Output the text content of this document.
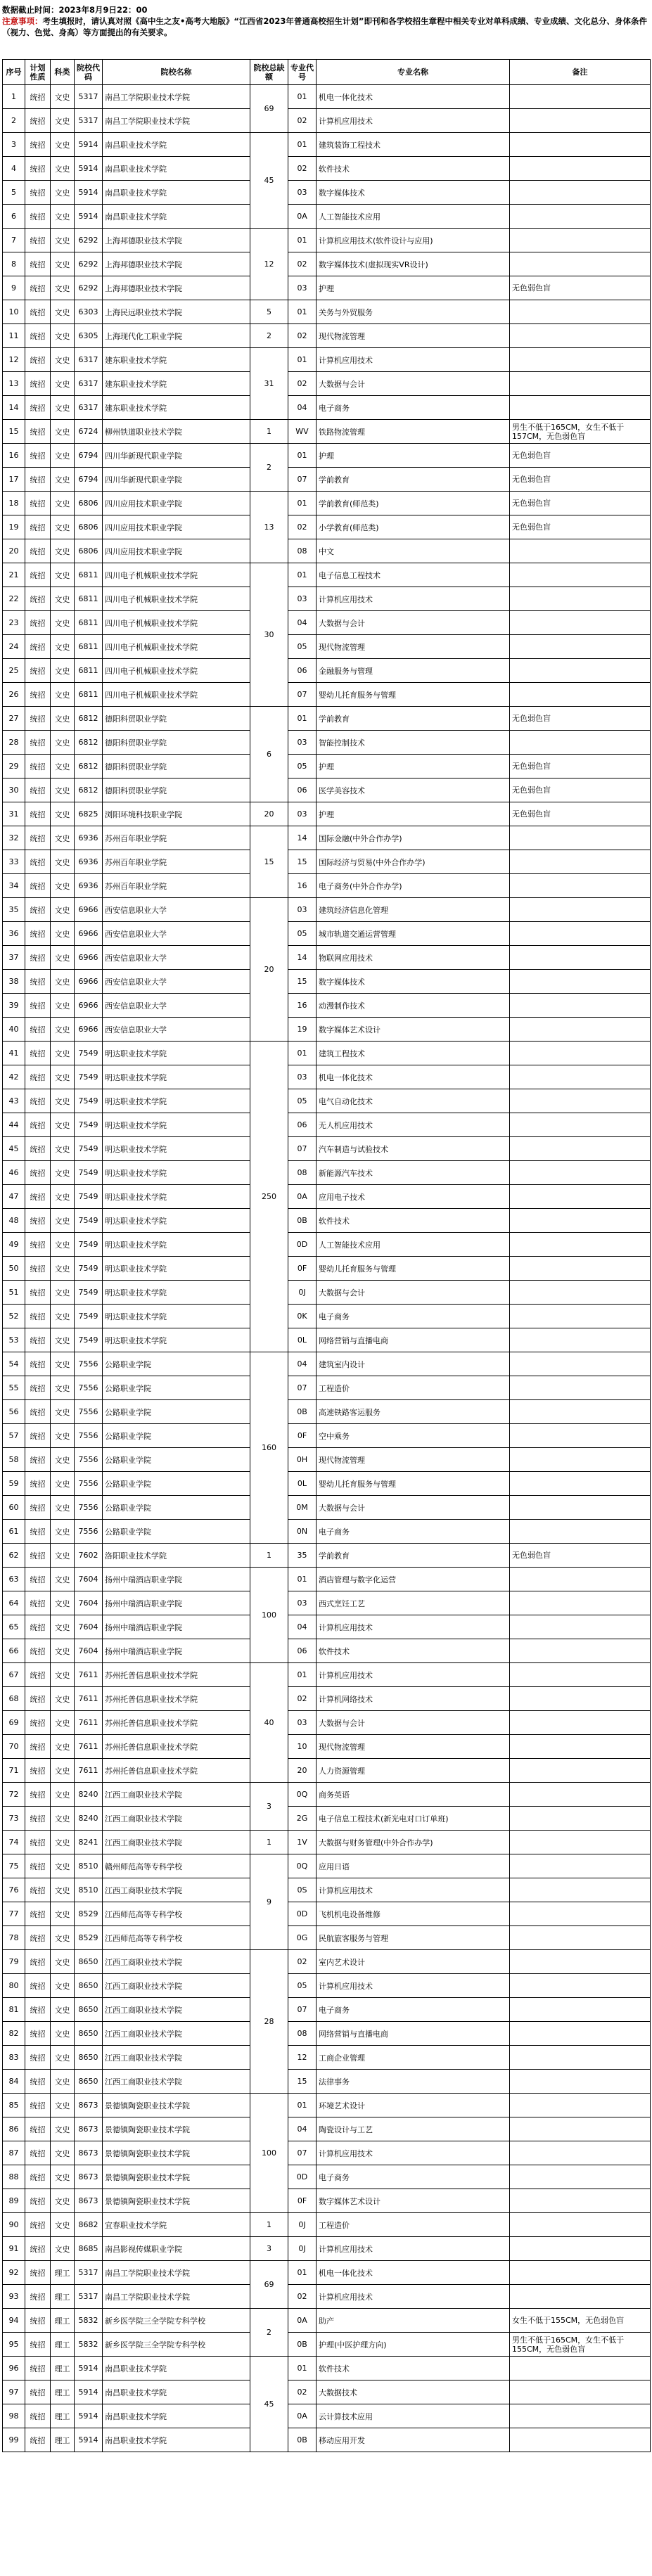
数据截止时间：2023年8月9日22：00
注意事项：考生填报时，请认真对照《高中生之友•高考大地版》“江西省2023年普通高校招生计划”即刊和各学校招生章程中相关专业对单科成绩、专业成绩、文化总分、身体条件（视力、色觉、身高）等方面提出的有关要求。
序号	计划性质	科类	院校代码	院校名称	院校总缺额	专业代号	专业名称	备注
1	统招	文史	5317	南昌工学院职业技术学院	69	01	机电一体化技术	
2	统招	文史	5317	南昌工学院职业技术学院		02	计算机应用技术	
3	统招	文史	5914	南昌职业技术学院	45	01	建筑装饰工程技术	
4	统招	文史	5914	南昌职业技术学院		02	软件技术	
5	统招	文史	5914	南昌职业技术学院		03	数字媒体技术	
6	统招	文史	5914	南昌职业技术学院		0A	人工智能技术应用	
7	统招	文史	6292	上海邦德职业技术学院	12	01	计算机应用技术(软件设计与应用)	
8	统招	文史	6292	上海邦德职业技术学院		02	数字媒体技术(虚拟现实VR设计)	
9	统招	文史	6292	上海邦德职业技术学院		03	护理	无色弱色盲
10	统招	文史	6303	上海民远职业技术学院	5	01	关务与外贸服务	
11	统招	文史	6305	上海现代化工职业学院	2	02	现代物流管理	
12	统招	文史	6317	建东职业技术学院	31	01	计算机应用技术	
13	统招	文史	6317	建东职业技术学院		02	大数据与会计	
14	统招	文史	6317	建东职业技术学院		04	电子商务	
15	统招	文史	6724	柳州铁道职业技术学院	1	WV	铁路物流管理	男生不低于165CM，女生不低于157CM，无色弱色盲
16	统招	文史	6794	四川华新现代职业学院	2	01	护理	无色弱色盲
17	统招	文史	6794	四川华新现代职业学院		07	学前教育	无色弱色盲
18	统招	文史	6806	四川应用技术职业学院	13	01	学前教育(师范类)	无色弱色盲
19	统招	文史	6806	四川应用技术职业学院		02	小学教育(师范类)	无色弱色盲
20	统招	文史	6806	四川应用技术职业学院		08	中文	
21	统招	文史	6811	四川电子机械职业技术学院	30	01	电子信息工程技术	
22	统招	文史	6811	四川电子机械职业技术学院		03	计算机应用技术	
23	统招	文史	6811	四川电子机械职业技术学院		04	大数据与会计	
24	统招	文史	6811	四川电子机械职业技术学院		05	现代物流管理	
25	统招	文史	6811	四川电子机械职业技术学院		06	金融服务与管理	
26	统招	文史	6811	四川电子机械职业技术学院		07	婴幼儿托育服务与管理	
27	统招	文史	6812	德阳科贸职业学院	6	01	学前教育	无色弱色盲
28	统招	文史	6812	德阳科贸职业学院		03	智能控制技术	
29	统招	文史	6812	德阳科贸职业学院		05	护理	无色弱色盲
30	统招	文史	6812	德阳科贸职业学院		06	医学美容技术	无色弱色盲
31	统招	文史	6825	浏阳环境科技职业学院	20	03	护理	无色弱色盲
32	统招	文史	6936	苏州百年职业学院	15	14	国际金融(中外合作办学)	
33	统招	文史	6936	苏州百年职业学院		15	国际经济与贸易(中外合作办学)	
34	统招	文史	6936	苏州百年职业学院		16	电子商务(中外合作办学)	
35	统招	文史	6966	西安信息职业大学	20	03	建筑经济信息化管理	
36	统招	文史	6966	西安信息职业大学		05	城市轨道交通运营管理	
37	统招	文史	6966	西安信息职业大学		14	物联网应用技术	
38	统招	文史	6966	西安信息职业大学		15	数字媒体技术	
39	统招	文史	6966	西安信息职业大学		16	动漫制作技术	
40	统招	文史	6966	西安信息职业大学		19	数字媒体艺术设计	
41	统招	文史	7549	明达职业技术学院	250	01	建筑工程技术	
42	统招	文史	7549	明达职业技术学院		03	机电一体化技术	
43	统招	文史	7549	明达职业技术学院		05	电气自动化技术	
44	统招	文史	7549	明达职业技术学院		06	无人机应用技术	
45	统招	文史	7549	明达职业技术学院		07	汽车制造与试验技术	
46	统招	文史	7549	明达职业技术学院		08	新能源汽车技术	
47	统招	文史	7549	明达职业技术学院		0A	应用电子技术	
48	统招	文史	7549	明达职业技术学院		0B	软件技术	
49	统招	文史	7549	明达职业技术学院		0D	人工智能技术应用	
50	统招	文史	7549	明达职业技术学院		0F	婴幼儿托育服务与管理	
51	统招	文史	7549	明达职业技术学院		0J	大数据与会计	
52	统招	文史	7549	明达职业技术学院		0K	电子商务	
53	统招	文史	7549	明达职业技术学院		0L	网络营销与直播电商	
54	统招	文史	7556	公路职业学院	160	04	建筑室内设计	
55	统招	文史	7556	公路职业学院		07	工程造价	
56	统招	文史	7556	公路职业学院		0B	高速铁路客运服务	
57	统招	文史	7556	公路职业学院		0F	空中乘务	
58	统招	文史	7556	公路职业学院		0H	现代物流管理	
59	统招	文史	7556	公路职业学院		0L	婴幼儿托育服务与管理	
60	统招	文史	7556	公路职业学院		0M	大数据与会计	
61	统招	文史	7556	公路职业学院		0N	电子商务	
62	统招	文史	7602	洛阳职业技术学院	1	35	学前教育	无色弱色盲
63	统招	文史	7604	扬州中瑞酒店职业学院	100	01	酒店管理与数字化运营	
64	统招	文史	7604	扬州中瑞酒店职业学院		03	西式烹饪工艺	
65	统招	文史	7604	扬州中瑞酒店职业学院		04	计算机应用技术	
66	统招	文史	7604	扬州中瑞酒店职业学院		06	软件技术	
67	统招	文史	7611	苏州托普信息职业技术学院	40	01	计算机应用技术	
68	统招	文史	7611	苏州托普信息职业技术学院		02	计算机网络技术	
69	统招	文史	7611	苏州托普信息职业技术学院		03	大数据与会计	
70	统招	文史	7611	苏州托普信息职业技术学院		10	现代物流管理	
71	统招	文史	7611	苏州托普信息职业技术学院		20	人力资源管理	
72	统招	文史	8240	江西工商职业技术学院	3	0Q	商务英语	
73	统招	文史	8240	江西工商职业技术学院		2G	电子信息工程技术(新光电对口订单班)	
74	统招	文史	8241	江西工商职业技术学院	1	1V	大数据与财务管理(中外合作办学)	
75	统招	文史	8510	赣州师范高等专科学校	9	0Q	应用日语	
76	统招	文史	8510	江西工商职业技术学院		0S	计算机应用技术	
77	统招	文史	8529	江西师范高等专科学校		0D	飞机机电设备维修	
78	统招	文史	8529	江西师范高等专科学校		0G	民航旅客服务与管理	
79	统招	文史	8650	江西工商职业技术学院	28	02	室内艺术设计	
80	统招	文史	8650	江西工商职业技术学院		05	计算机应用技术	
81	统招	文史	8650	江西工商职业技术学院		07	电子商务	
82	统招	文史	8650	江西工商职业技术学院		08	网络营销与直播电商	
83	统招	文史	8650	江西工商职业技术学院		12	工商企业管理	
84	统招	文史	8650	江西工商职业技术学院		15	法律事务	
85	统招	文史	8673	景德镇陶瓷职业技术学院	100	01	环境艺术设计	
86	统招	文史	8673	景德镇陶瓷职业技术学院		04	陶瓷设计与工艺	
87	统招	文史	8673	景德镇陶瓷职业技术学院		07	计算机应用技术	
88	统招	文史	8673	景德镇陶瓷职业技术学院		0D	电子商务	
89	统招	文史	8673	景德镇陶瓷职业技术学院		0F	数字媒体艺术设计	
90	统招	文史	8682	宜春职业技术学院	1	0J	工程造价	
91	统招	文史	8685	南昌影视传媒职业学院	3	0J	计算机应用技术	
92	统招	理工	5317	南昌工学院职业技术学院	69	01	机电一体化技术	
93	统招	理工	5317	南昌工学院职业技术学院		02	计算机应用技术	
94	统招	理工	5832	新乡医学院三全学院专科学校	2	0A	助产	女生不低于155CM，无色弱色盲
95	统招	理工	5832	新乡医学院三全学院专科学校		0B	护理(中医护理方向)	男生不低于165CM，女生不低于155CM，无色弱色盲
96	统招	理工	5914	南昌职业技术学院	45	01	软件技术	
97	统招	理工	5914	南昌职业技术学院		02	大数据技术	
98	统招	理工	5914	南昌职业技术学院		0A	云计算技术应用	
99	统招	理工	5914	南昌职业技术学院		0B	移动应用开发	
